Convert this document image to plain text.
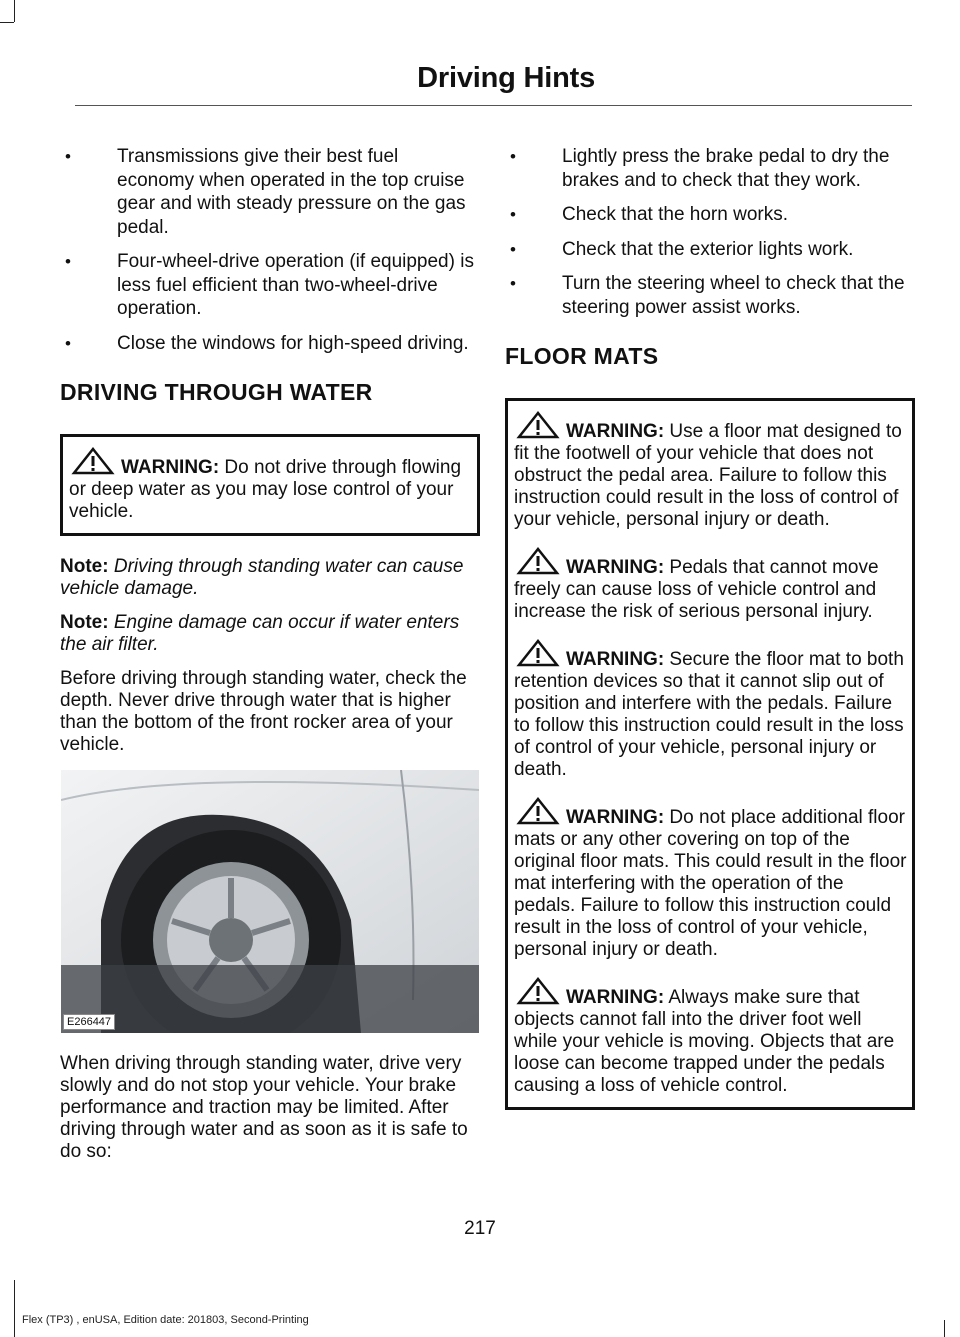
Driving Hints
• Transmissions give their best fuel economy when operated in the top cruise gear and with steady pressure on the gas pedal.
• Four-wheel-drive operation (if equipped) is less fuel efficient than two-wheel-drive operation.
• Close the windows for high-speed driving.
DRIVING THROUGH WATER

WARNING: Do not drive through flowing or deep water as you may lose control of your vehicle.

Note: Driving through standing water can cause vehicle damage.

Note: Engine damage can occur if water enters the air filter.

Before driving through standing water, check the depth. Never drive through water that is higher than the bottom of the front rocker area of your vehicle.

E266447

When driving through standing water, drive very slowly and do not stop your vehicle. Your brake performance and traction may be limited. After driving through water and as soon as it is safe to do so:

• Lightly press the brake pedal to dry the brakes and to check that they work.
• Check that the horn works.
• Check that the exterior lights work.
• Turn the steering wheel to check that the steering power assist works.
FLOOR MATS

WARNING: Use a floor mat designed to fit the footwell of your vehicle that does not obstruct the pedal area. Failure to follow this instruction could result in the loss of control of your vehicle, personal injury or death.

WARNING: Pedals that cannot move freely can cause loss of vehicle control and increase the risk of serious personal injury.

WARNING: Secure the floor mat to both retention devices so that it cannot slip out of position and interfere with the pedals. Failure to follow this instruction could result in the loss of control of your vehicle, personal injury or death.

WARNING: Do not place additional floor mats or any other covering on top of the original floor mats. This could result in the floor mat interfering with the operation of the pedals. Failure to follow this instruction could result in the loss of control of your vehicle, personal injury or death.

WARNING: Always make sure that objects cannot fall into the driver foot well while your vehicle is moving. Objects that are loose can become trapped under the pedals causing a loss of vehicle control.

217
Flex (TP3) , enUSA, Edition date: 201803, Second-Printing
